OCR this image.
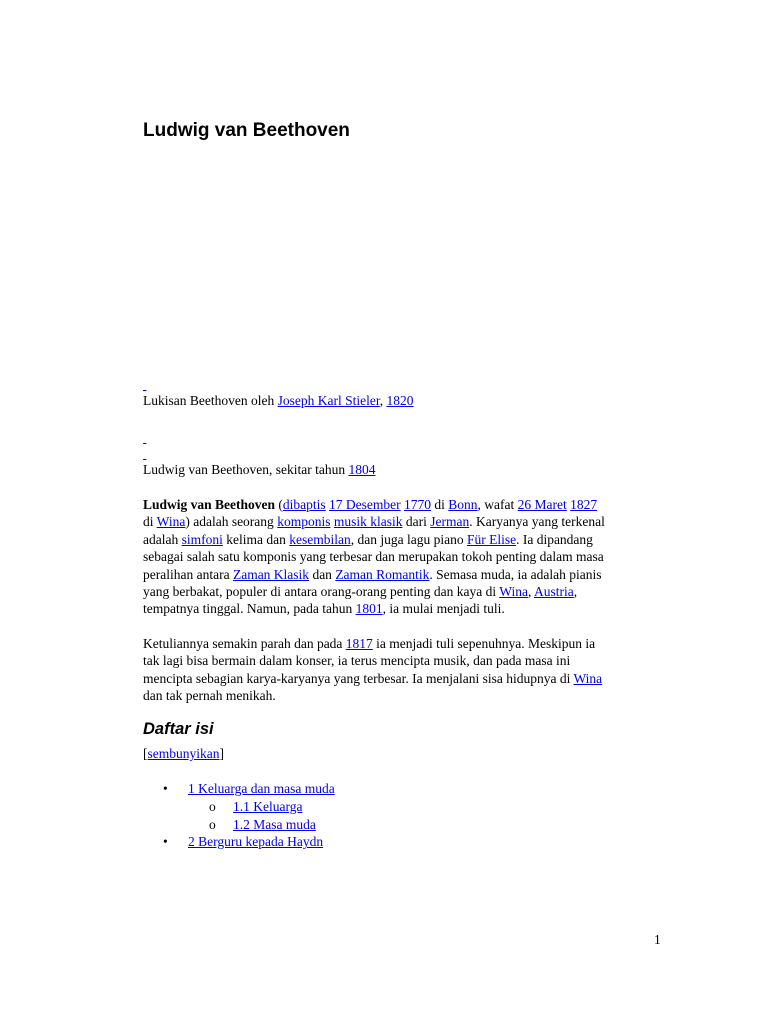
Ludwig van Beethoven

Lukisan Beethoven oleh Joseph Karl Stieler, 1820

Ludwig van Beethoven, sekitar tahun 1804
Ludwig van Beethoven (dibaptis 17 Desember 1770 di Bonn, wafat 26 Maret 1827
di Wina) adalah seorang komponis musik klasik dari Jerman. Karyanya yang terkenal
adalah simfoni kelima dan kesembilan, dan juga lagu piano Für Elise. Ia dipandang
sebagai salah satu komponis yang terbesar dan merupakan tokoh penting dalam masa
peralihan antara Zaman Klasik dan Zaman Romantik. Semasa muda, ia adalah pianis
yang berbakat, populer di antara orang-orang penting dan kaya di Wina, Austria,
tempatnya tinggal. Namun, pada tahun 1801, ia mulai menjadi tuli.
Ketuliannya semakin parah dan pada 1817 ia menjadi tuli sepenuhnya. Meskipun ia
tak lagi bisa bermain dalam konser, ia terus mencipta musik, dan pada masa ini
mencipta sebagian karya-karyanya yang terbesar. Ia menjalani sisa hidupnya di Wina
dan tak pernah menikah.
Daftar isi
[sembunyikan]
• 1 Keluarga dan masa muda
o 1.1 Keluarga
o 1.2 Masa muda
• 2 Berguru kepada Haydn
1
